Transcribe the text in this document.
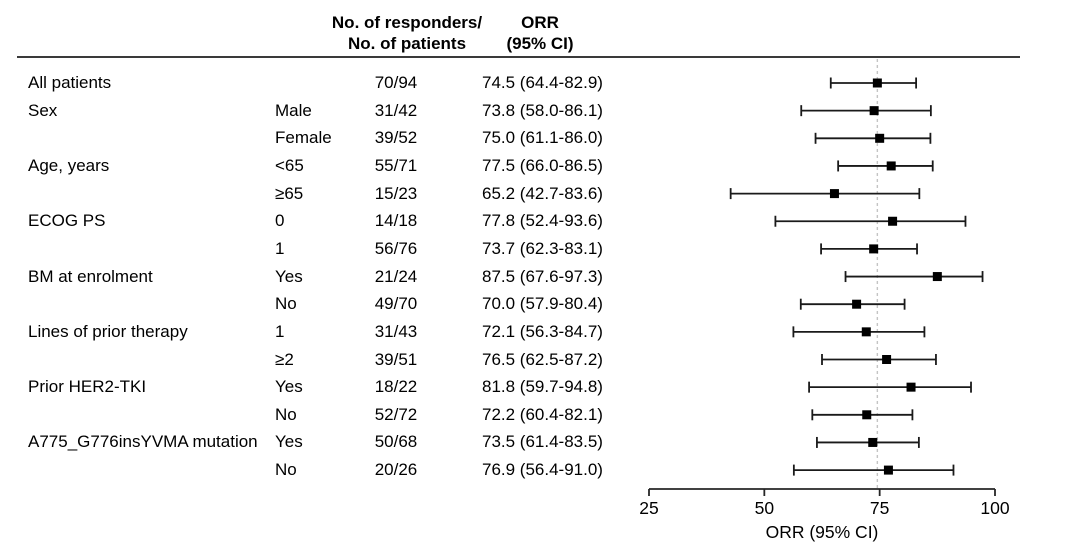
No. of responders/
No. of patients
ORR
(95% CI)
All patients	70/94	74.5 (64.4-82.9)
Sex	Male	31/42	73.8 (58.0-86.1)
Female	39/52	75.0 (61.1-86.0)
Age, years	<65	55/71	77.5 (66.0-86.5)
≥65	15/23	65.2 (42.7-83.6)
ECOG PS	0	14/18	77.8 (52.4-93.6)
1	56/76	73.7 (62.3-83.1)
BM at enrolment	Yes	21/24	87.5 (67.6-97.3)
No	49/70	70.0 (57.9-80.4)
Lines of prior therapy	1	31/43	72.1 (56.3-84.7)
≥2	39/51	76.5 (62.5-87.2)
Prior HER2-TKI	Yes	18/22	81.8 (59.7-94.8)
No	52/72	72.2 (60.4-82.1)
A775_G776insYVMA mutation Yes	50/68	73.5 (61.4-83.5)
No	20/26	76.9 (56.4-91.0)
25	50	75	100
ORR (95% CI)
